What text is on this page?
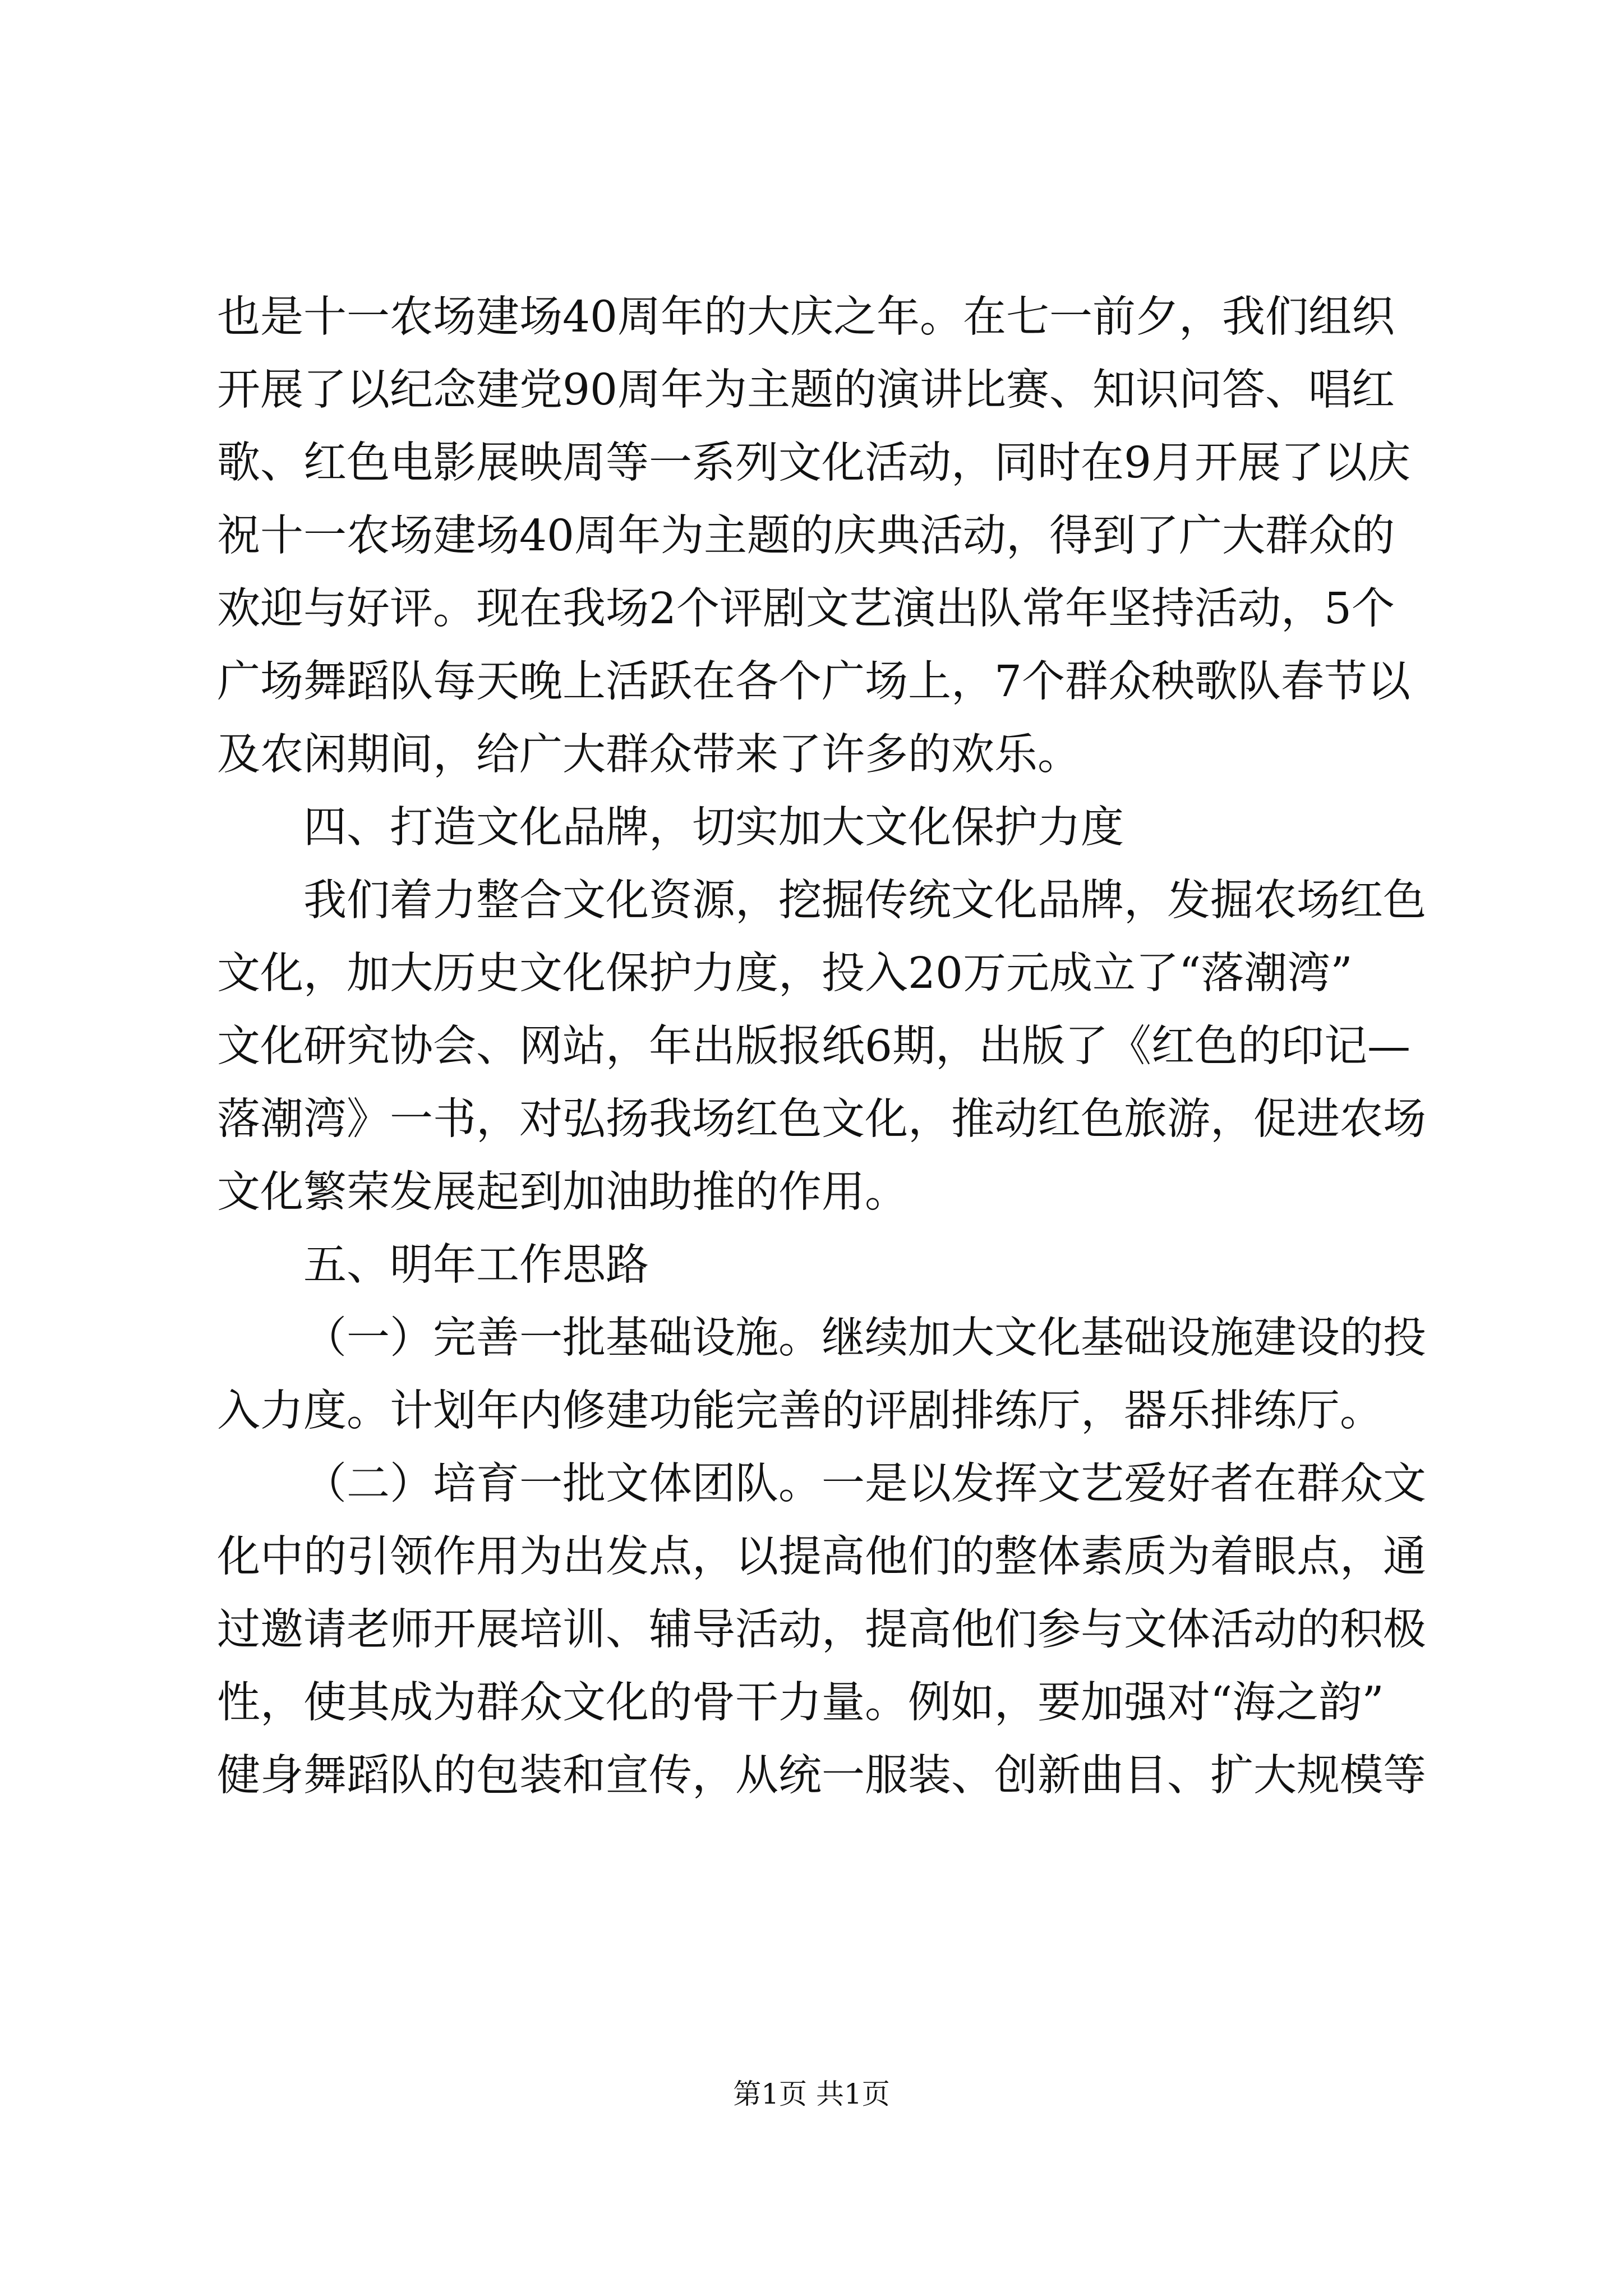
也是十一农场建场40周年的大庆之年。在七一前夕，我们组织
开展了以纪念建党90周年为主题的演讲比赛、知识问答、唱红
歌、红色电影展映周等一系列文化活动，同时在9月开展了以庆
祝十一农场建场40周年为主题的庆典活动，得到了广大群众的
欢迎与好评。现在我场2个评剧文艺演出队常年坚持活动，5个
广场舞蹈队每天晚上活跃在各个广场上，7个群众秧歌队春节以
及农闲期间，给广大群众带来了许多的欢乐。
四、打造文化品牌，切实加大文化保护力度
我们着力整合文化资源，挖掘传统文化品牌，发掘农场红色
文化，加大历史文化保护力度，投入20万元成立了“落潮湾”
文化研究协会、网站，年出版报纸6期，出版了《红色的印记—
落潮湾》一书，对弘扬我场红色文化，推动红色旅游，促进农场
文化繁荣发展起到加油助推的作用。
五、明年工作思路
（一）完善一批基础设施。继续加大文化基础设施建设的投
入力度。计划年内修建功能完善的评剧排练厅，器乐排练厅。
（二）培育一批文体团队。一是以发挥文艺爱好者在群众文
化中的引领作用为出发点，以提高他们的整体素质为着眼点，通
过邀请老师开展培训、辅导活动，提高他们参与文体活动的积极
性，使其成为群众文化的骨干力量。例如，要加强对“海之韵”
健身舞蹈队的包装和宣传，从统一服装、创新曲目、扩大规模等
第1页 共1页
